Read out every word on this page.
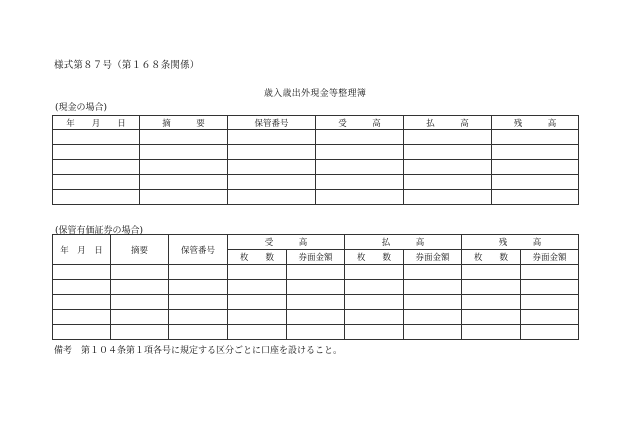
様式第８７号（第１６８条関係）
歳入歳出外現金等整理簿
(現金の場合)
年　　月　　日	摘　　　要	保管番号	受　　　高	払　　　高	残　　　高

(保管有価証券の場合)
年　月　日	摘要	保管番号	受　　　高		払　　　高		残　　　高	
			枚　　数	券面金額	枚　　数	券面金額	枚　　数	券面金額

備考　第１０４条第１項各号に規定する区分ごとに口座を設けること。
